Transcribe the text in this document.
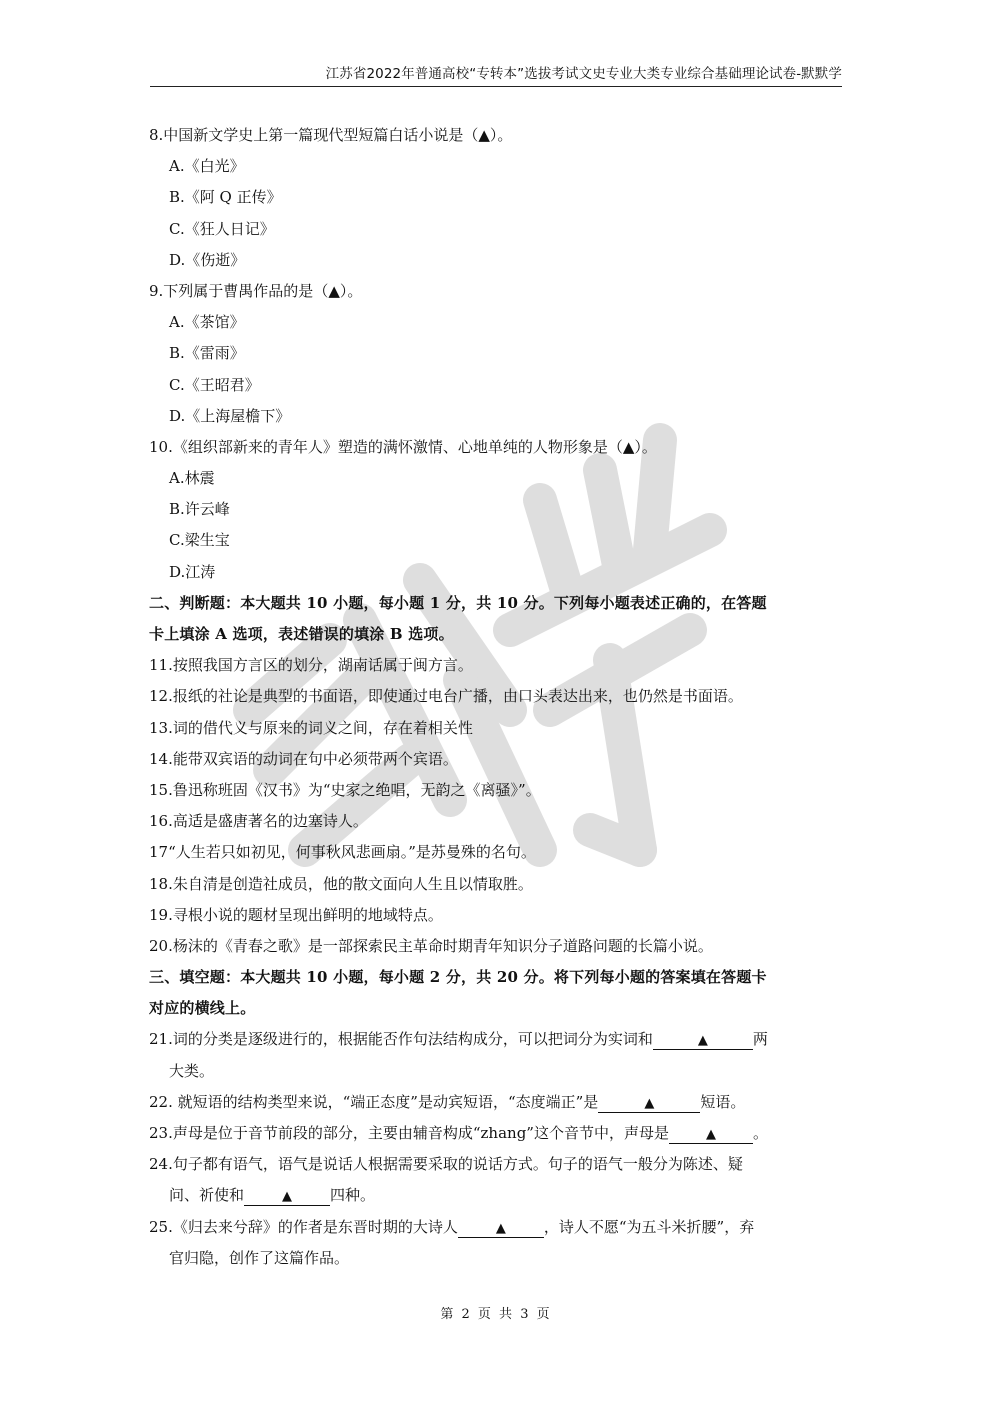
江苏省2022年普通高校“专转本”选拔考试文史专业大类专业综合基础理论试卷-默默学
8.中国新文学史上第一篇现代型短篇白话小说是（▲）。
A.《白光》
B.《阿 Q 正传》
C.《狂人日记》
D.《伤逝》
9.下列属于曹禺作品的是（▲）。
A.《茶馆》
B.《雷雨》
C.《王昭君》
D.《上海屋檐下》
10.《组织部新来的青年人》塑造的满怀激情、心地单纯的人物形象是（▲）。
A.林震
B.许云峰
C.梁生宝
D.江涛
二、判断题：本大题共 10 小题，每小题 1 分，共 10 分。下列每小题表述正确的，在答题
卡上填涂 A 选项，表述错误的填涂 B 选项。
11.按照我国方言区的划分，湖南话属于闽方言。
12.报纸的社论是典型的书面语，即使通过电台广播，由口头表达出来，也仍然是书面语。
13.词的借代义与原来的词义之间，存在着相关性
14.能带双宾语的动词在句中必须带两个宾语。
15.鲁迅称班固《汉书》为“史家之绝唱，无韵之《离骚》”。
16.高适是盛唐著名的边塞诗人。
17“人生若只如初见，何事秋风悲画扇。”是苏曼殊的名句。
18.朱自清是创造社成员，他的散文面向人生且以情取胜。
19.寻根小说的题材呈现出鲜明的地域特点。
20.杨沫的《青春之歌》是一部探索民主革命时期青年知识分子道路问题的长篇小说。
三、填空题：本大题共 10 小题，每小题 2 分，共 20 分。将下列每小题的答案填在答题卡
对应的横线上。
21.词的分类是逐级进行的，根据能否作句法结构成分，可以把词分为实词和	▲	两
大类。
22. 就短语的结构类型来说，“端正态度”是动宾短语，“态度端正”是	▲	短语。
23.声母是位于音节前段的部分，主要由辅音构成“zhang”这个音节中，声母是	▲ 。
24.句子都有语气，语气是说话人根据需要采取的说话方式。句子的语气一般分为陈述、疑
问、祈使和	▲	四种。
25.《归去来兮辞》的作者是东晋时期的大诗人	▲	，诗人不愿“为五斗米折腰”，弃
官归隐，创作了这篇作品。
第 2 页 共 3 页
